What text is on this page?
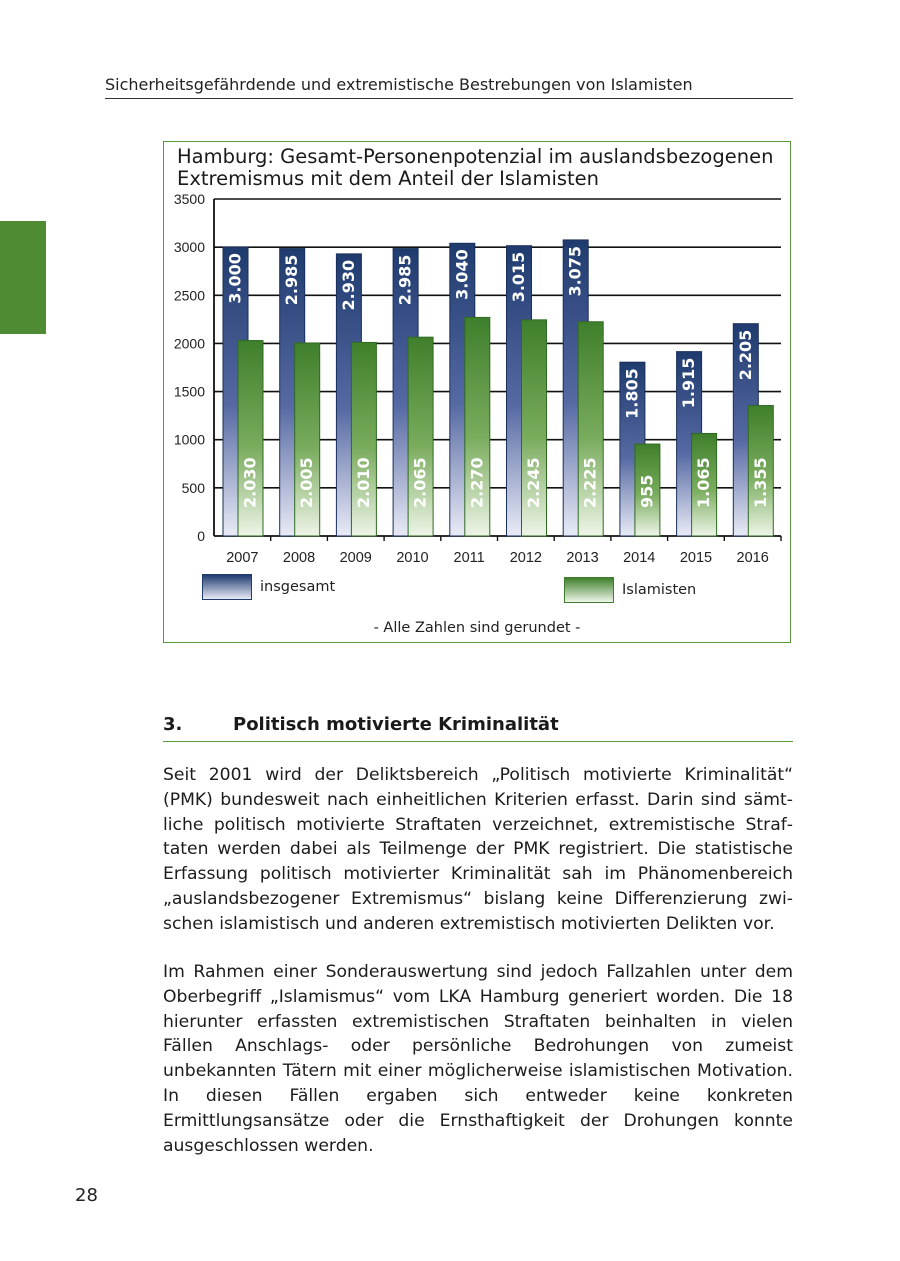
Sicherheitsgefährdende und extremistische Bestrebungen von Islamisten
Hamburg: Gesamt-Personenpotenzial im auslandsbezogenen Extremismus mit dem Anteil der Islamisten
0
500
1000
1500
2000
2500
3000
3500
2007
3.000
2.030
2008
2.985
2.005
2009
2.930
2.010
2010
2.985
2.065
2011
3.040
2.270
2012
3.015
2.245
2013
3.075
2.225
2014
1.805
955
2015
1.915
1.065
2016
2.205
1.355
insgesamt	Islamisten
- Alle Zahlen sind gerundet -
3.	Politisch motivierte Kriminalität

Seit 2001 wird der Deliktsbereich „Politisch motivierte Kriminalität“ (PMK) bundesweit nach einheitlichen Kriterien erfasst. Darin sind sämtliche politisch motivierte Straftaten verzeichnet, extremistische Straftaten werden dabei als Teilmenge der PMK registriert. Die statistische Erfassung politisch motivierter Kriminalität sah im Phänomenbereich „auslandsbezogener Extremismus“ bislang keine Differenzierung zwischen islamistisch und anderen extremistisch motivierten Delikten vor.

Im Rahmen einer Sonderauswertung sind jedoch Fallzahlen unter dem Oberbegriff „Islamismus“ vom LKA Hamburg generiert worden. Die 18 hierunter erfassten extremistischen Straftaten beinhalten in vielen Fällen Anschlags- oder persönliche Bedrohungen von zumeist unbekannten Tätern mit einer möglicherweise islamistischen Motivation. In diesen Fällen ergaben sich entweder keine konkreten Ermittlungsansätze oder die Ernsthaftigkeit der Drohungen konnte ausgeschlossen werden.

28
